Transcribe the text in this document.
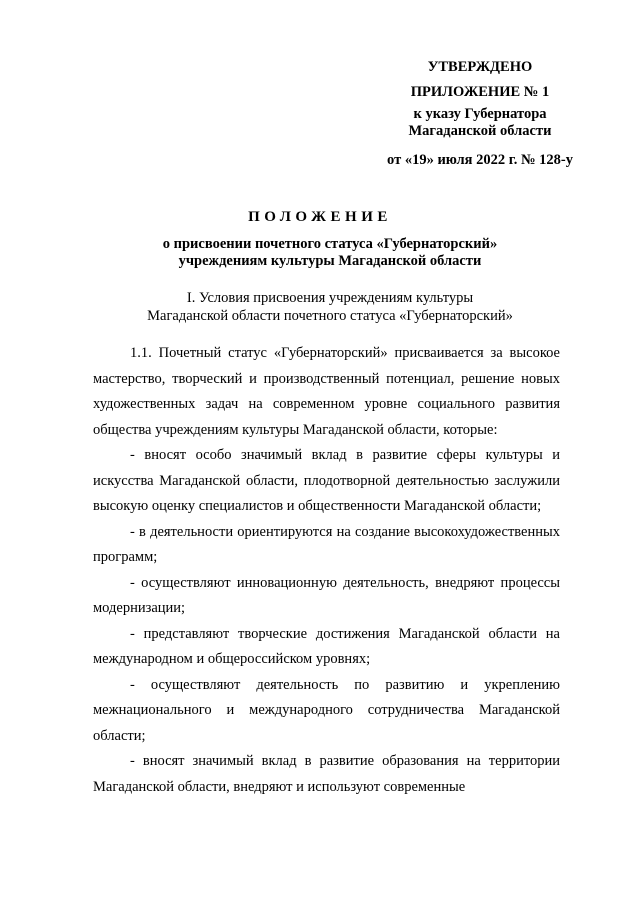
УТВЕРЖДЕНО
ПРИЛОЖЕНИЕ № 1
к указу Губернатора
Магаданской области
от «19» июля 2022 г. № 128-у
ПОЛОЖЕНИЕ
о присвоении почетного статуса «Губернаторский»
учреждениям культуры Магаданской области
I. Условия присвоения учреждениям культуры
Магаданской области почетного статуса «Губернаторский»

1.1. Почетный статус «Губернаторский» присваивается за высокое мастерство, творческий и производственный потенциал, решение новых художественных задач на современном уровне социального развития общества учреждениям культуры Магаданской области, которые:

- вносят особо значимый вклад в развитие сферы культуры и искусства Магаданской области, плодотворной деятельностью заслужили высокую оценку специалистов и общественности Магаданской области;

- в деятельности ориентируются на создание высокохудожественных программ;

- осуществляют инновационную деятельность, внедряют процессы модернизации;

- представляют творческие достижения Магаданской области на международном и общероссийском уровнях;

- осуществляют деятельность по развитию и укреплению межнационального и международного сотрудничества Магаданской области;

- вносят значимый вклад в развитие образования на территории Магаданской области, внедряют и используют современные
